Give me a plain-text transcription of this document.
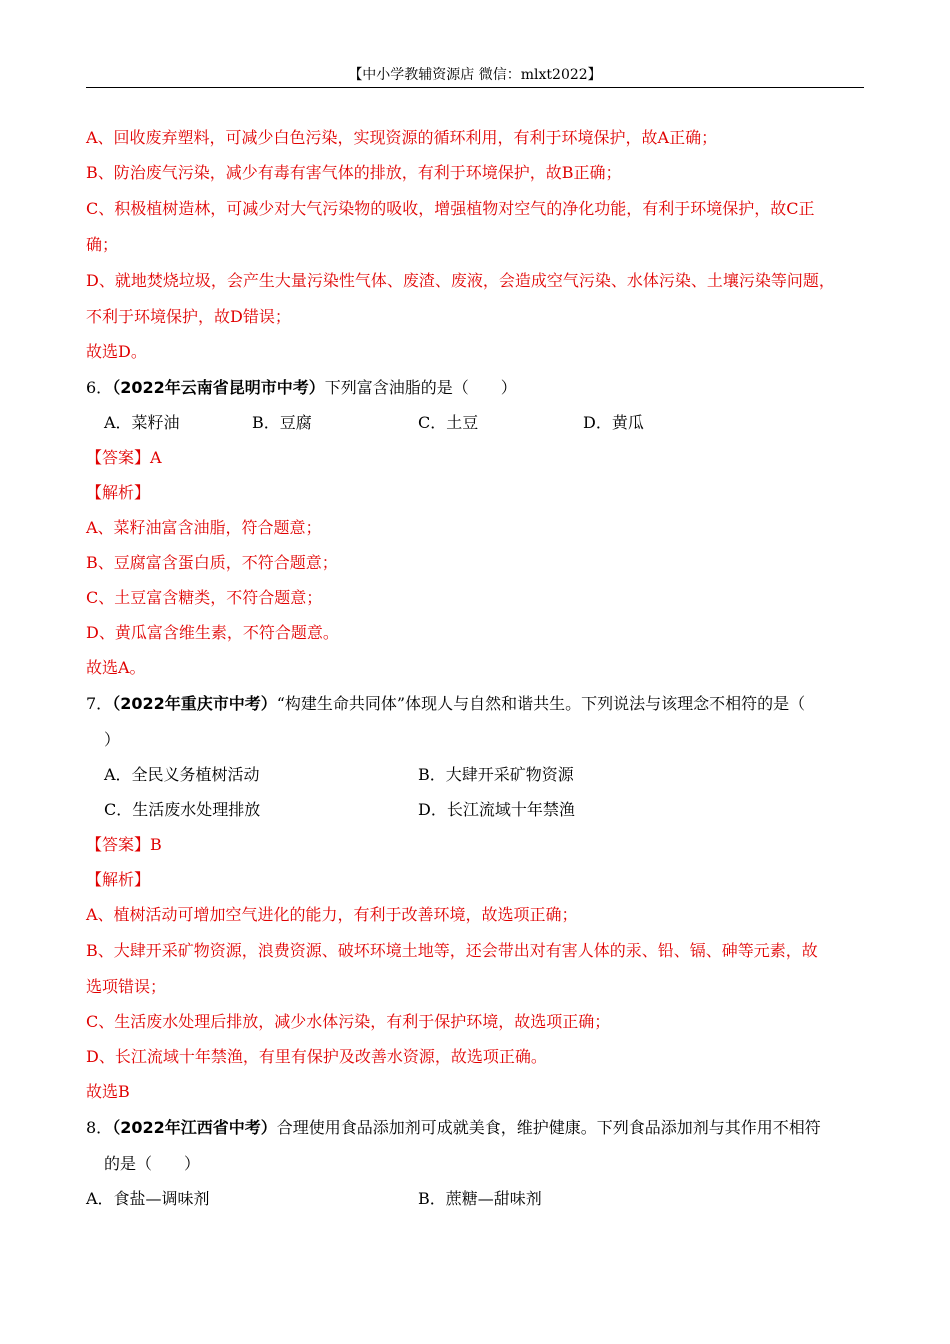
【中小学教辅资源店 微信：mlxt2022】
A、回收废弃塑料，可减少白色污染，实现资源的循环利用，有利于环境保护，故A正确；
B、防治废气污染，减少有毒有害气体的排放，有利于环境保护，故B正确；
C、积极植树造林，可减少对大气污染物的吸收，增强植物对空气的净化功能，有利于环境保护，故C正
确；
D、就地焚烧垃圾，会产生大量污染性气体、废渣、废液，会造成空气污染、水体污染、土壤污染等问题，
不利于环境保护，故D错误；
故选D。
6．（2022年云南省昆明市中考）下列富含油脂的是（　　）
A．菜籽油	B．豆腐	C．土豆	D．黄瓜
【答案】A
【解析】
A、菜籽油富含油脂，符合题意；
B、豆腐富含蛋白质，不符合题意；
C、土豆富含糖类，不符合题意；
D、黄瓜富含维生素，不符合题意。
故选A。
7．（2022年重庆市中考）“构建生命共同体”体现人与自然和谐共生。下列说法与该理念不相符的是（
）
A．全民义务植树活动	B．大肆开采矿物资源
C．生活废水处理排放	D．长江流域十年禁渔
【答案】B
【解析】
A、植树活动可增加空气进化的能力，有利于改善环境，故选项正确；
B、大肆开采矿物资源，浪费资源、破坏环境土地等，还会带出对有害人体的汞、铅、镉、砷等元素，故
选项错误；
C、生活废水处理后排放，减少水体污染，有利于保护环境，故选项正确；
D、长江流域十年禁渔，有里有保护及改善水资源，故选项正确。
故选B
8．（2022年江西省中考）合理使用食品添加剂可成就美食，维护健康。下列食品添加剂与其作用不相符
的是（　　）
A．食盐—调味剂	B．蔗糖—甜味剂
